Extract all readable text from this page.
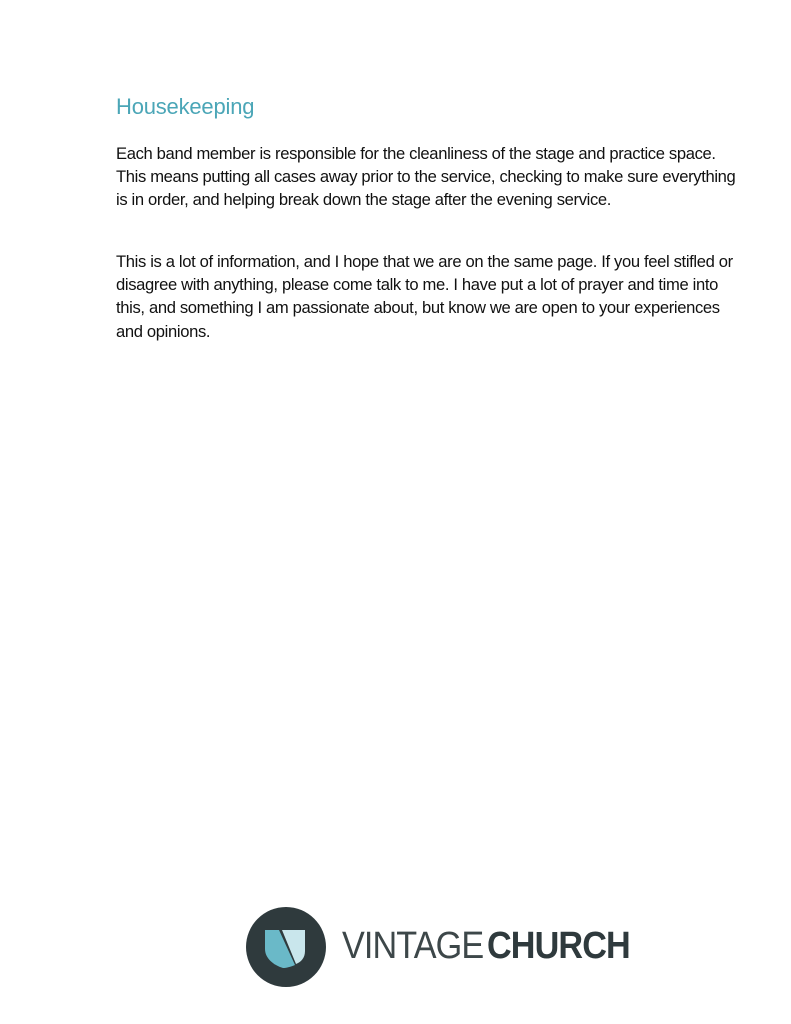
Housekeeping

Each band member is responsible for the cleanliness of the stage and practice space. This means putting all cases away prior to the service, checking to make sure everything is in order, and helping break down the stage after the evening service.

This is a lot of information, and I hope that we are on the same page. If you feel stifled or disagree with anything, please come talk to me. I have put a lot of prayer and time into this, and something I am passionate about, but know we are open to your experiences and opinions.

VINTAGECHURCH
